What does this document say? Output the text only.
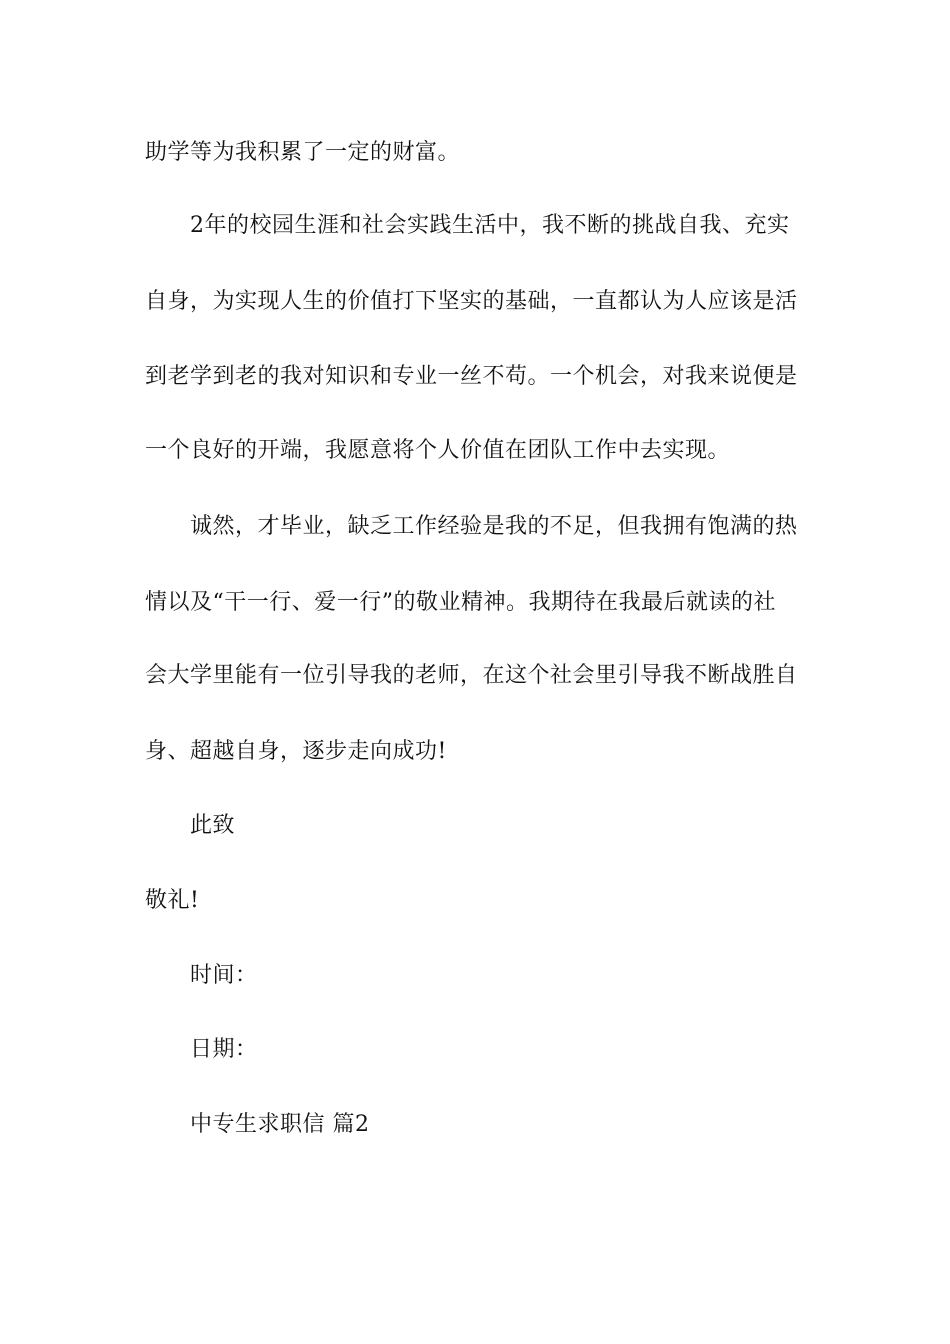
助学等为我积累了一定的财富。
2年的校园生涯和社会实践生活中，我不断的挑战自我、充实
自身，为实现人生的价值打下坚实的基础，一直都认为人应该是活
到老学到老的我对知识和专业一丝不苟。一个机会，对我来说便是
一个良好的开端，我愿意将个人价值在团队工作中去实现。
诚然，才毕业，缺乏工作经验是我的不足，但我拥有饱满的热
情以及“干一行、爱一行”的敬业精神。我期待在我最后就读的社
会大学里能有一位引导我的老师，在这个社会里引导我不断战胜自
身、超越自身，逐步走向成功!
此致
敬礼!
时间：
日期：
中专生求职信 篇2
